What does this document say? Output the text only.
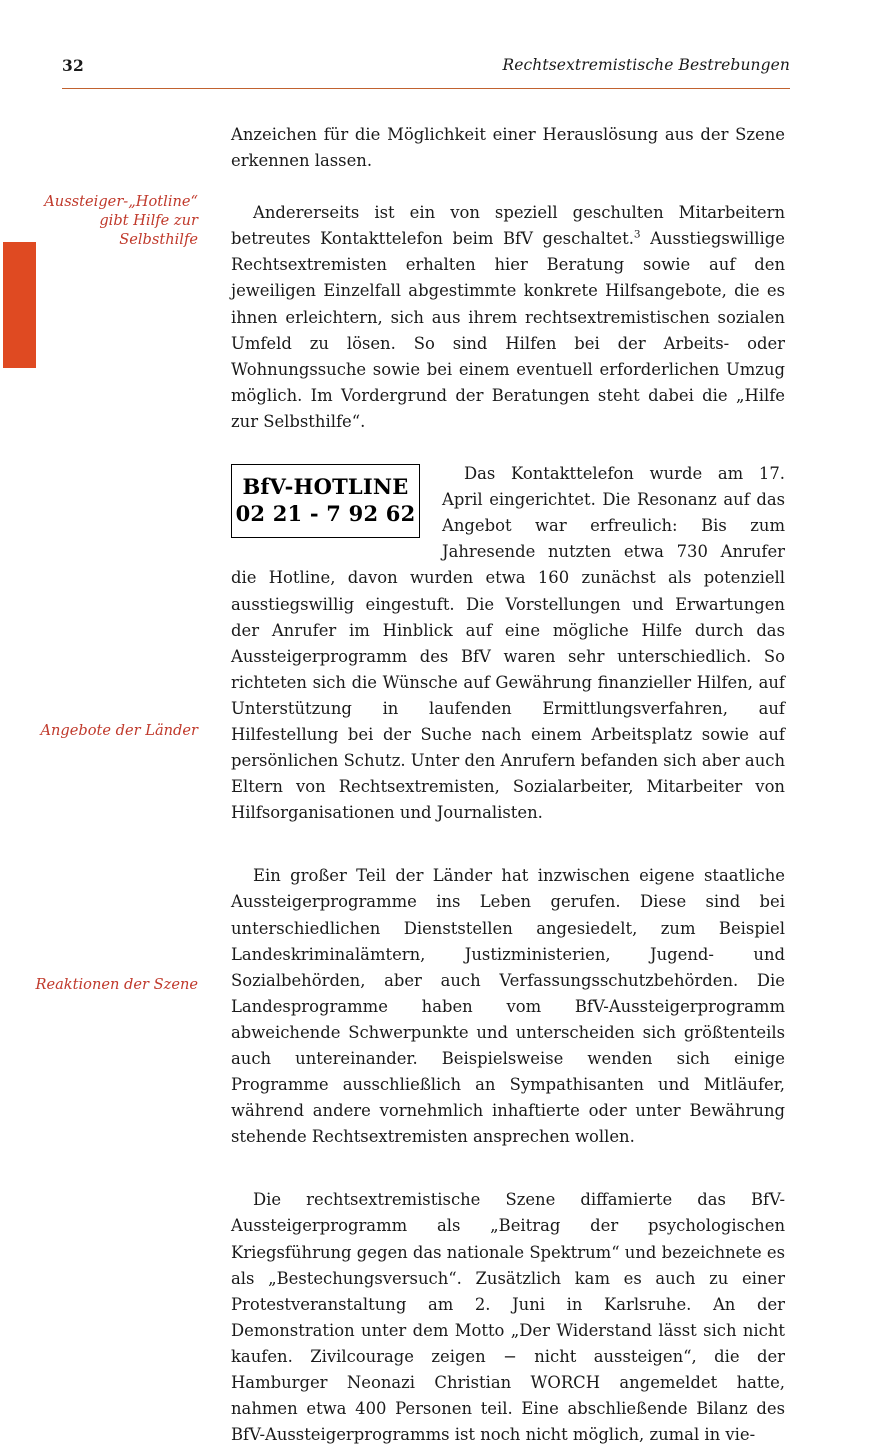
32	Rechtsextremistische Bestrebungen
Aussteiger-„Hotline“ gibt Hilfe zur Selbsthilfe
Angebote der Länder
Reaktionen der Szene

Anzeichen für die Möglichkeit einer Herauslösung aus der Szene erkennen lassen.

Andererseits ist ein von speziell geschulten Mitarbeitern betreutes Kontakttelefon beim BfV geschaltet.$^3$ Ausstiegswillige Rechtsextremisten erhalten hier Beratung sowie auf den jeweiligen Einzelfall abgestimmte konkrete Hilfsangebote, die es ihnen erleichtern, sich aus ihrem rechtsextremistischen sozialen Umfeld zu lösen. So sind Hilfen bei der Arbeits- oder Wohnungssuche sowie bei einem eventuell erforderlichen Umzug möglich. Im Vordergrund der Beratungen steht dabei die „Hilfe zur Selbsthilfe“.

BfV-HOTLINE
02 21 - 7 92 62

Das Kontakttelefon wurde am 17. April eingerichtet. Die Resonanz auf das Angebot war erfreulich: Bis zum Jahresende nutzten etwa 730 Anrufer die Hotline, davon wurden etwa 160 zunächst als potenziell ausstiegswillig eingestuft. Die Vorstellungen und Erwartungen der Anrufer im Hinblick auf eine mögliche Hilfe durch das Aussteigerprogramm des BfV waren sehr unterschiedlich. So richteten sich die Wünsche auf Gewährung finanzieller Hilfen, auf Unterstützung in laufenden Ermittlungsverfahren, auf Hilfestellung bei der Suche nach einem Arbeitsplatz sowie auf persönlichen Schutz. Unter den Anrufern befanden sich aber auch Eltern von Rechtsextremisten, Sozialarbeiter, Mitarbeiter von Hilfsorganisationen und Journalisten.

Ein großer Teil der Länder hat inzwischen eigene staatliche Aussteigerprogramme ins Leben gerufen. Diese sind bei unterschiedlichen Dienststellen angesiedelt, zum Beispiel Landeskriminalämtern, Justizministerien, Jugend- und Sozialbehörden, aber auch Verfassungsschutzbehörden. Die Landesprogramme haben vom BfV-Aussteigerprogramm abweichende Schwerpunkte und unterscheiden sich größtenteils auch untereinander. Beispielsweise wenden sich einige Programme ausschließlich an Sympathisanten und Mitläufer, während andere vornehmlich inhaftierte oder unter Bewährung stehende Rechtsextremisten ansprechen wollen.

Die rechtsextremistische Szene diffamierte das BfV-Aussteigerprogramm als „Beitrag der psychologischen Kriegsführung gegen das nationale Spektrum“ und bezeichnete es als „Bestechungsversuch“. Zusätzlich kam es auch zu einer Protestveranstaltung am 2. Juni in Karlsruhe. An der Demonstration unter dem Motto „Der Widerstand lässt sich nicht kaufen. Zivilcourage zeigen − nicht aussteigen“, die der Hamburger Neonazi Christian WORCH angemeldet hatte, nahmen etwa 400 Personen teil. Eine abschließende Bilanz des BfV-Aussteigerprogramms ist noch nicht möglich, zumal in vie-
